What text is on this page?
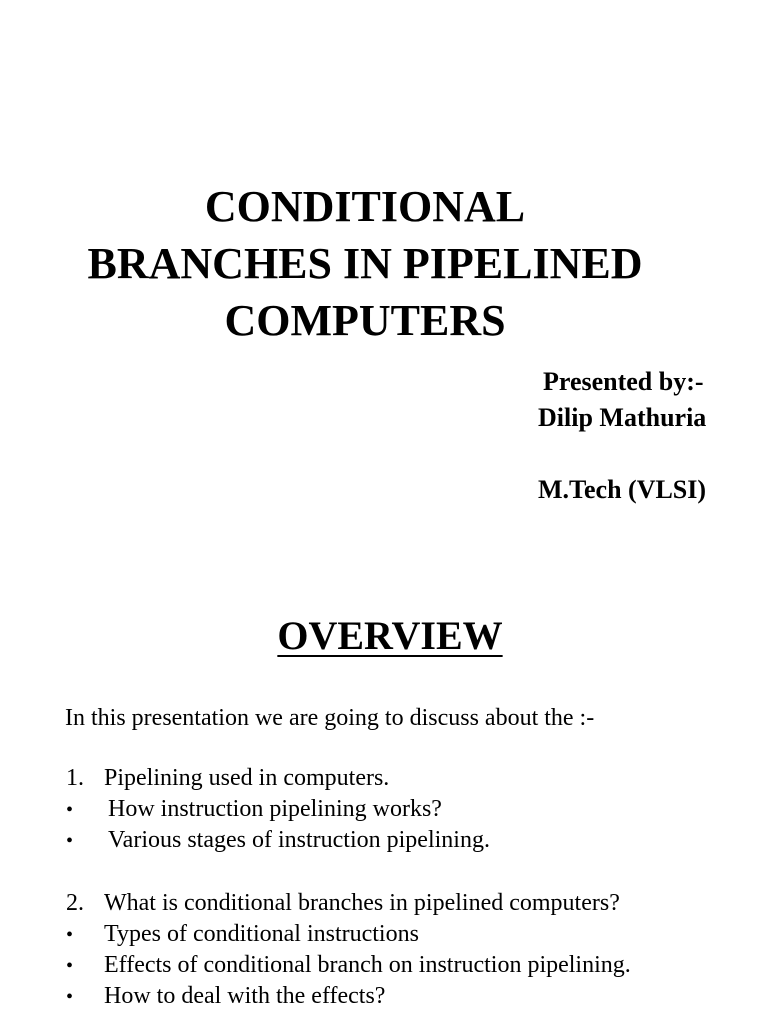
CONDITIONAL
BRANCHES IN PIPELINED
COMPUTERS
Presented by:-
Dilip Mathuria
M.Tech (VLSI)
OVERVIEW
In this presentation we are going to discuss about the :-
1. Pipelining used in computers.
• How instruction pipelining works?
• Various stages of instruction pipelining.
2. What is conditional branches in pipelined computers?
• Types of conditional instructions
• Effects of conditional branch on instruction pipelining.
• How to deal with the effects?
